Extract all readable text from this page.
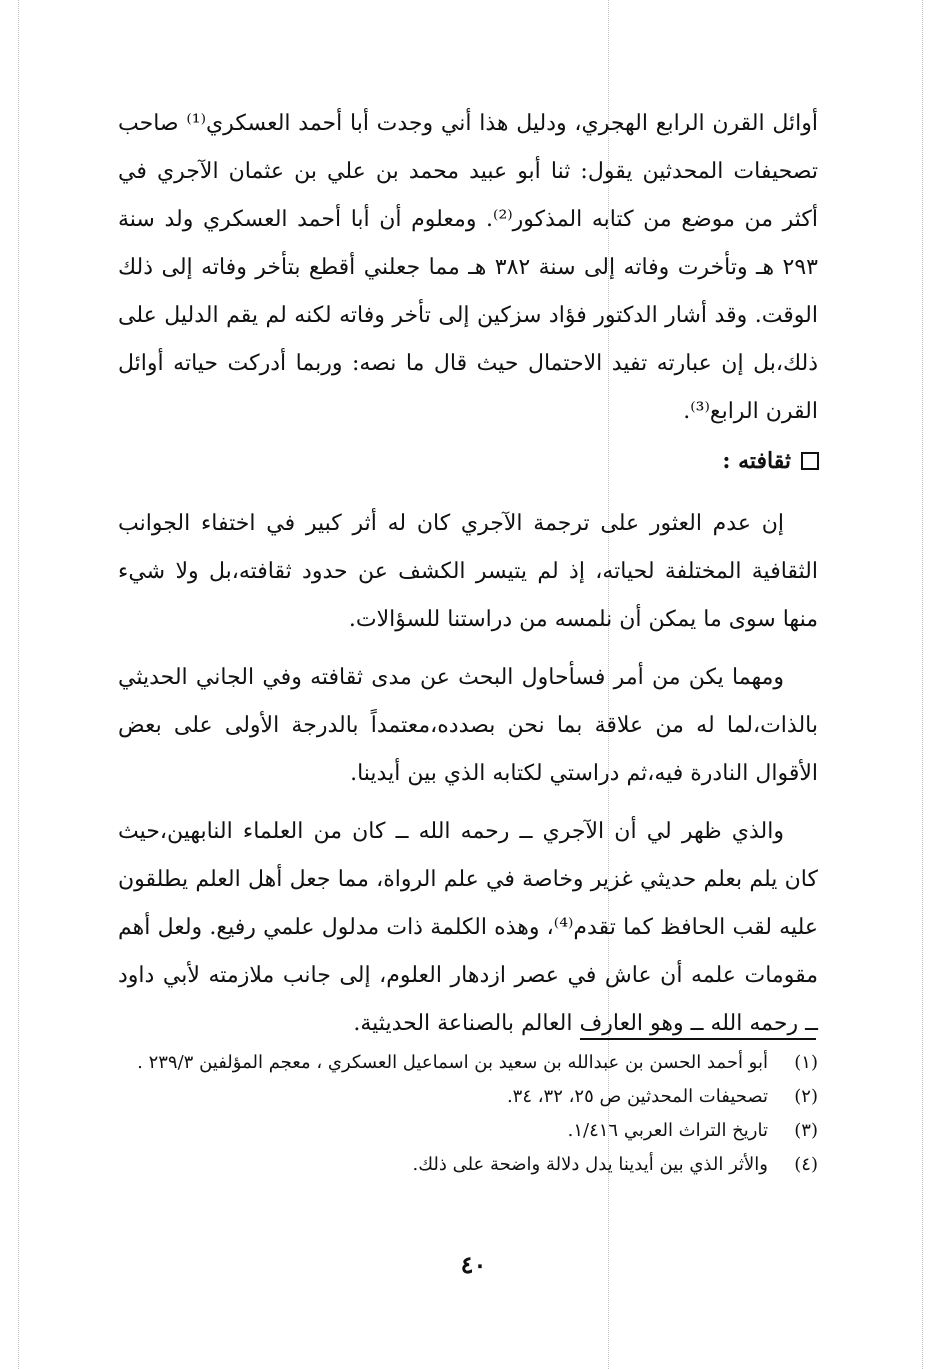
أوائل القرن الرابع الهجري، ودليل هذا أني وجدت أبا أحمد العسكري⁽¹⁾ صاحب تصحيفات المحدثين يقول: ثنا أبو عبيد محمد بن علي بن عثمان الآجري في أكثر من موضع من كتابه المذكور⁽²⁾. ومعلوم أن أبا أحمد العسكري ولد سنة ٢٩٣ هـ وتأخرت وفاته إلى سنة ٣٨٢ هـ مما جعلني أقطع بتأخر وفاته إلى ذلك الوقت. وقد أشار الدكتور فؤاد سزكين إلى تأخر وفاته لكنه لم يقم الدليل على ذلك،بل إن عبارته تفيد الاحتمال حيث قال ما نصه: وربما أدركت حياته أوائل القرن الرابع⁽³⁾.

ثقافته :

إن عدم العثور على ترجمة الآجري كان له أثر كبير في اختفاء الجوانب الثقافية المختلفة لحياته، إذ لم يتيسر الكشف عن حدود ثقافته،بل ولا شيء منها سوى ما يمكن أن نلمسه من دراستنا للسؤالات.

ومهما يكن من أمر فسأحاول البحث عن مدى ثقافته وفي الجاني الحديثي بالذات،لما له من علاقة بما نحن بصدده،معتمداً بالدرجة الأولى على بعض الأقوال النادرة فيه،ثم دراستي لكتابه الذي بين أيدينا.

والذي ظهر لي أن الآجري ــ رحمه الله ــ كان من العلماء النابهين،حيث كان يلم بعلم حديثي غزير وخاصة في علم الرواة، مما جعل أهل العلم يطلقون عليه لقب الحافظ كما تقدم⁽⁴⁾، وهذه الكلمة ذات مدلول علمي رفيع. ولعل أهم مقومات علمه أن عاش في عصر ازدهار العلوم، إلى جانب ملازمته لأبي داود ــ رحمه الله ــ وهو العارف العالم بالصناعة الحديثية.

(١)
أبو أحمد الحسن بن عبدالله بن سعيد بن اسماعيل العسكري ، معجم المؤلفين ٢٣٩/٣ .
(٢)
تصحيفات المحدثين ص ٢٥، ٣٢، ٣٤.
(٣)
تاريخ التراث العربي ١/٤١٦.
(٤)
والأثر الذي بين أيدينا يدل دلالة واضحة على ذلك.
٤٠
